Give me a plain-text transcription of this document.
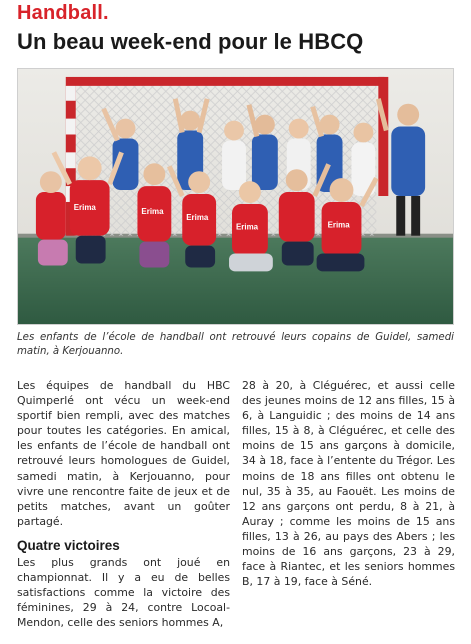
Handball.
Un beau week-end pour le HBCQ
Erima	Erima
Erima
Erima	Erima
Les enfants de l’école de handball ont retrouvé leurs copains de Guidel, samedi matin, à Kerjouanno.

Les équipes de handball du HBC Quimperlé ont vécu un week-end sportif bien rempli, avec des matches pour toutes les catégories. En amical, les enfants de l’école de handball ont retrouvé leurs homologues de Guidel, samedi matin, à Kerjouanno, pour vivre une rencontre faite de jeux et de petits matches, avant un goûter partagé.

Quatre victoires

Les plus grands ont joué en championnat. Il y a eu de belles satisfactions comme la victoire des féminines, 29 à 24, contre Locoal-Mendon, celle des seniors hommes A,

28 à 20, à Cléguérec, et aussi celle des jeunes moins de 12 ans filles, 15 à 6, à Languidic ; des moins de 14 ans filles, 15 à 8, à Cléguérec, et celle des moins de 15 ans garçons à domicile, 34 à 18, face à l’entente du Trégor. Les moins de 18 ans filles ont obtenu le nul, 35 à 35, au Faouët. Les moins de 12 ans garçons ont perdu, 8 à 21, à Auray ; comme les moins de 15 ans filles, 13 à 26, au pays des Abers ; les moins de 16 ans garçons, 23 à 29, face à Riantec, et les seniors hommes B, 17 à 19, face à Séné.
